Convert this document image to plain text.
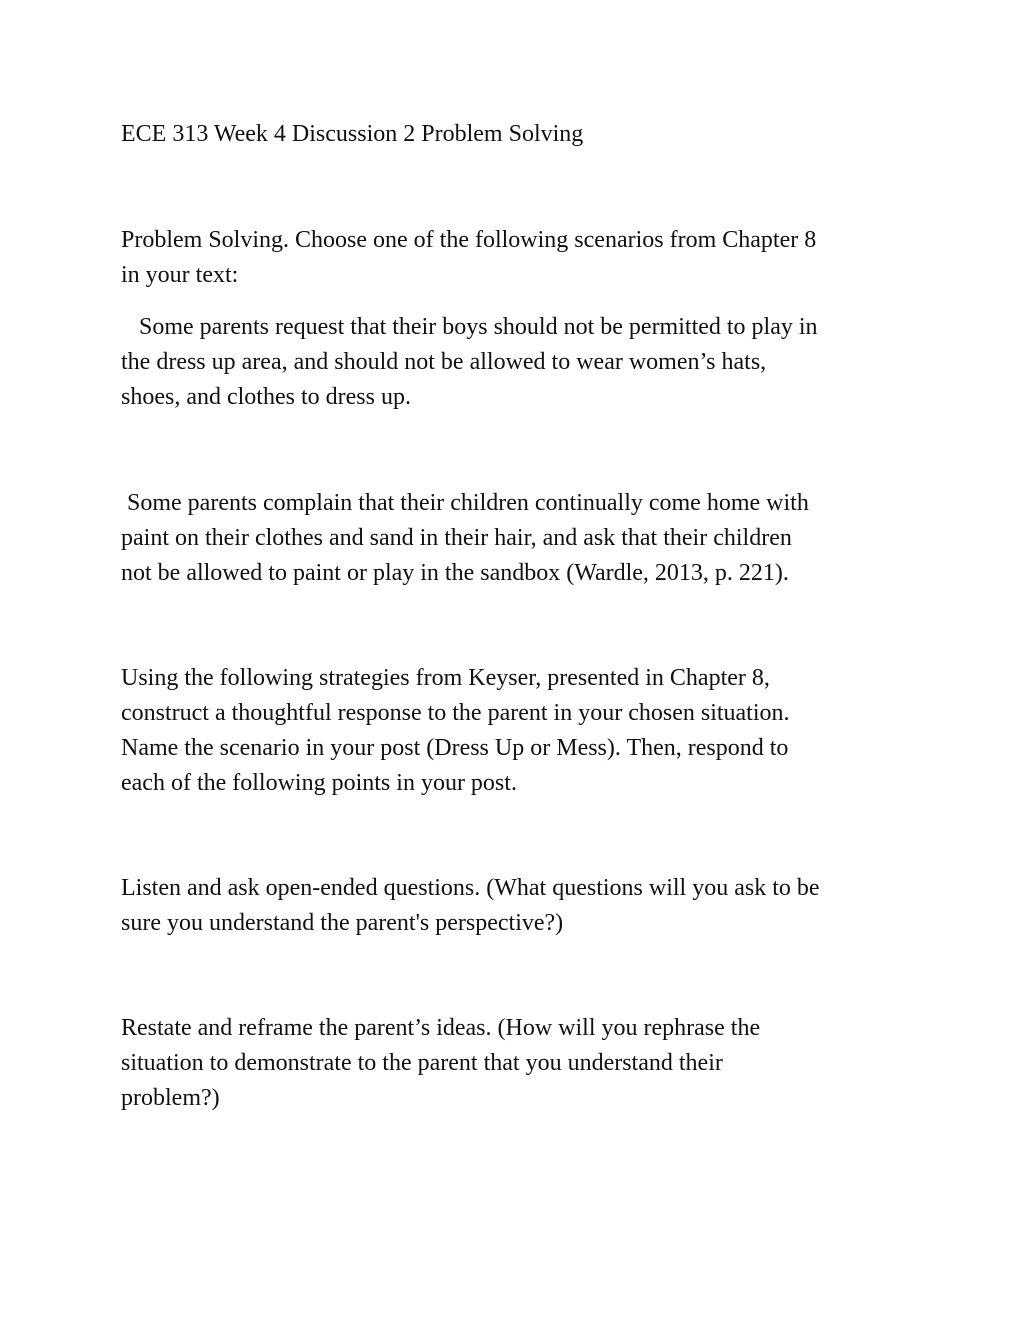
ECE 313 Week 4 Discussion 2 Problem Solving
Problem Solving. Choose one of the following scenarios from Chapter 8
in your text:
Some parents request that their boys should not be permitted to play in
the dress up area, and should not be allowed to wear women’s hats,
shoes, and clothes to dress up.
Some parents complain that their children continually come home with
paint on their clothes and sand in their hair, and ask that their children
not be allowed to paint or play in the sandbox (Wardle, 2013, p. 221).
Using the following strategies from Keyser, presented in Chapter 8,
construct a thoughtful response to the parent in your chosen situation.
Name the scenario in your post (Dress Up or Mess). Then, respond to
each of the following points in your post.
Listen and ask open-ended questions. (What questions will you ask to be
sure you understand the parent's perspective?)
Restate and reframe the parent’s ideas. (How will you rephrase the
situation to demonstrate to the parent that you understand their
problem?)
